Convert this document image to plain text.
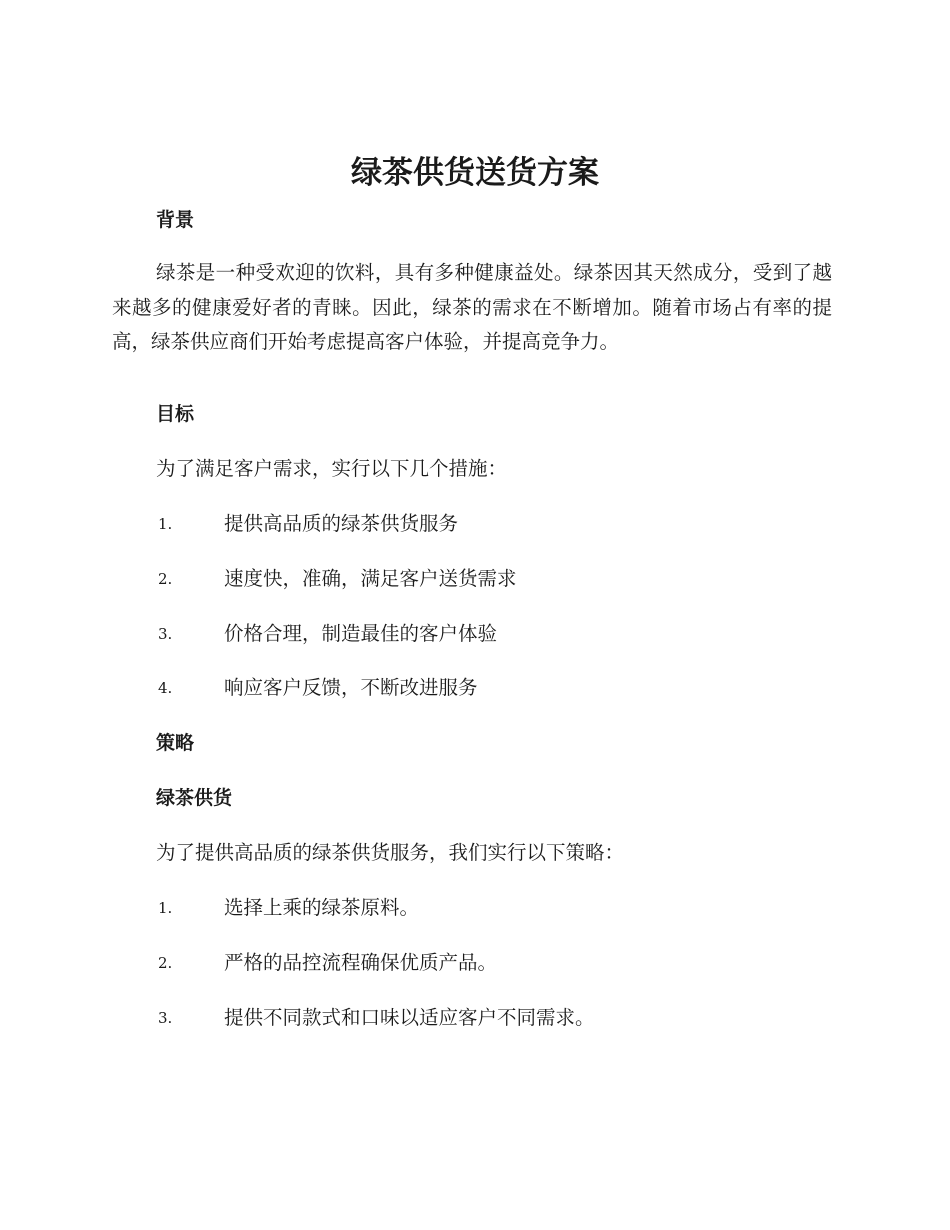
绿茶供货送货方案
背景

绿茶是一种受欢迎的饮料，具有多种健康益处。绿茶因其天然成分，受到了越来越多的健康爱好者的青睐。因此，绿茶的需求在不断增加。随着市场占有率的提高，绿茶供应商们开始考虑提高客户体验，并提高竞争力。

目标

为了满足客户需求，实行以下几个措施：

1.	提供高品质的绿茶供货服务
2.	速度快，准确，满足客户送货需求
3.	价格合理，制造最佳的客户体验
4.	响应客户反馈，不断改进服务
策略
绿茶供货

为了提供高品质的绿茶供货服务，我们实行以下策略：

1.	选择上乘的绿茶原料。
2.	严格的品控流程确保优质产品。
3.	提供不同款式和口味以适应客户不同需求。
